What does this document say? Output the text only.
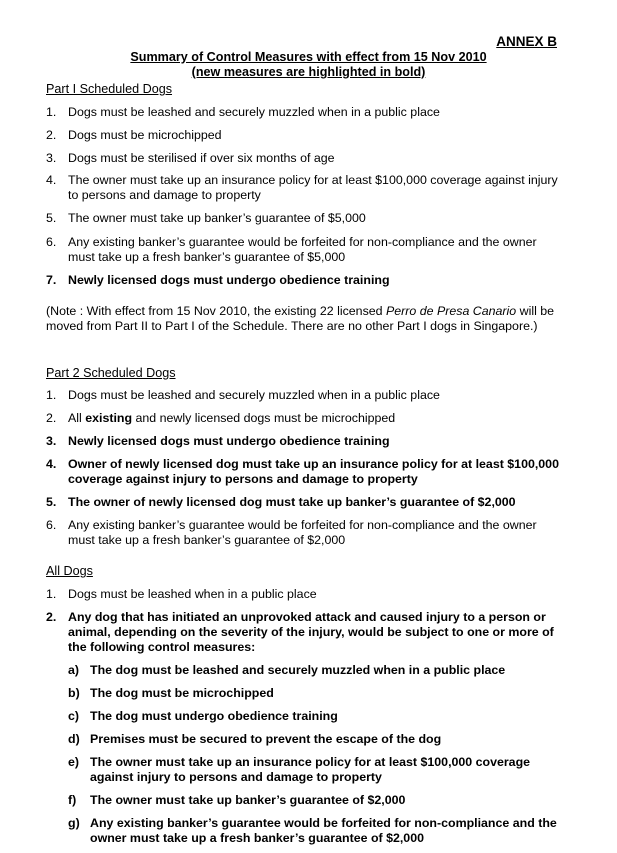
ANNEX B
Summary of Control Measures with effect from 15 Nov 2010
(new measures are highlighted in bold)
Part I Scheduled Dogs
1. Dogs must be leashed and securely muzzled when in a public place
2. Dogs must be microchipped
3. Dogs must be sterilised if over six months of age
4. The owner must take up an insurance policy for at least $100,000 coverage against injury to persons and damage to property
5. The owner must take up banker’s guarantee of $5,000
6. Any existing banker’s guarantee would be forfeited for non-compliance and the owner must take up a fresh banker’s guarantee of $5,000
7. Newly licensed dogs must undergo obedience training
(Note : With effect from 15 Nov 2010, the existing 22 licensed Perro de Presa Canario will be moved from Part II to Part I of the Schedule. There are no other Part I dogs in Singapore.)
Part 2 Scheduled Dogs
1. Dogs must be leashed and securely muzzled when in a public place
2. All existing and newly licensed dogs must be microchipped
3. Newly licensed dogs must undergo obedience training
4. Owner of newly licensed dog must take up an insurance policy for at least $100,000 coverage against injury to persons and damage to property
5. The owner of newly licensed dog must take up banker’s guarantee of $2,000
6. Any existing banker’s guarantee would be forfeited for non-compliance and the owner must take up a fresh banker’s guarantee of $2,000
All Dogs
1. Dogs must be leashed when in a public place
2. Any dog that has initiated an unprovoked attack and caused injury to a person or animal, depending on the severity of the injury, would be subject to one or more of the following control measures:
a) The dog must be leashed and securely muzzled when in a public place
b) The dog must be microchipped
c) The dog must undergo obedience training
d) Premises must be secured to prevent the escape of the dog
e) The owner must take up an insurance policy for at least $100,000 coverage against injury to persons and damage to property
f) The owner must take up banker’s guarantee of $2,000
g) Any existing banker’s guarantee would be forfeited for non-compliance and the owner must take up a fresh banker’s guarantee of $2,000
